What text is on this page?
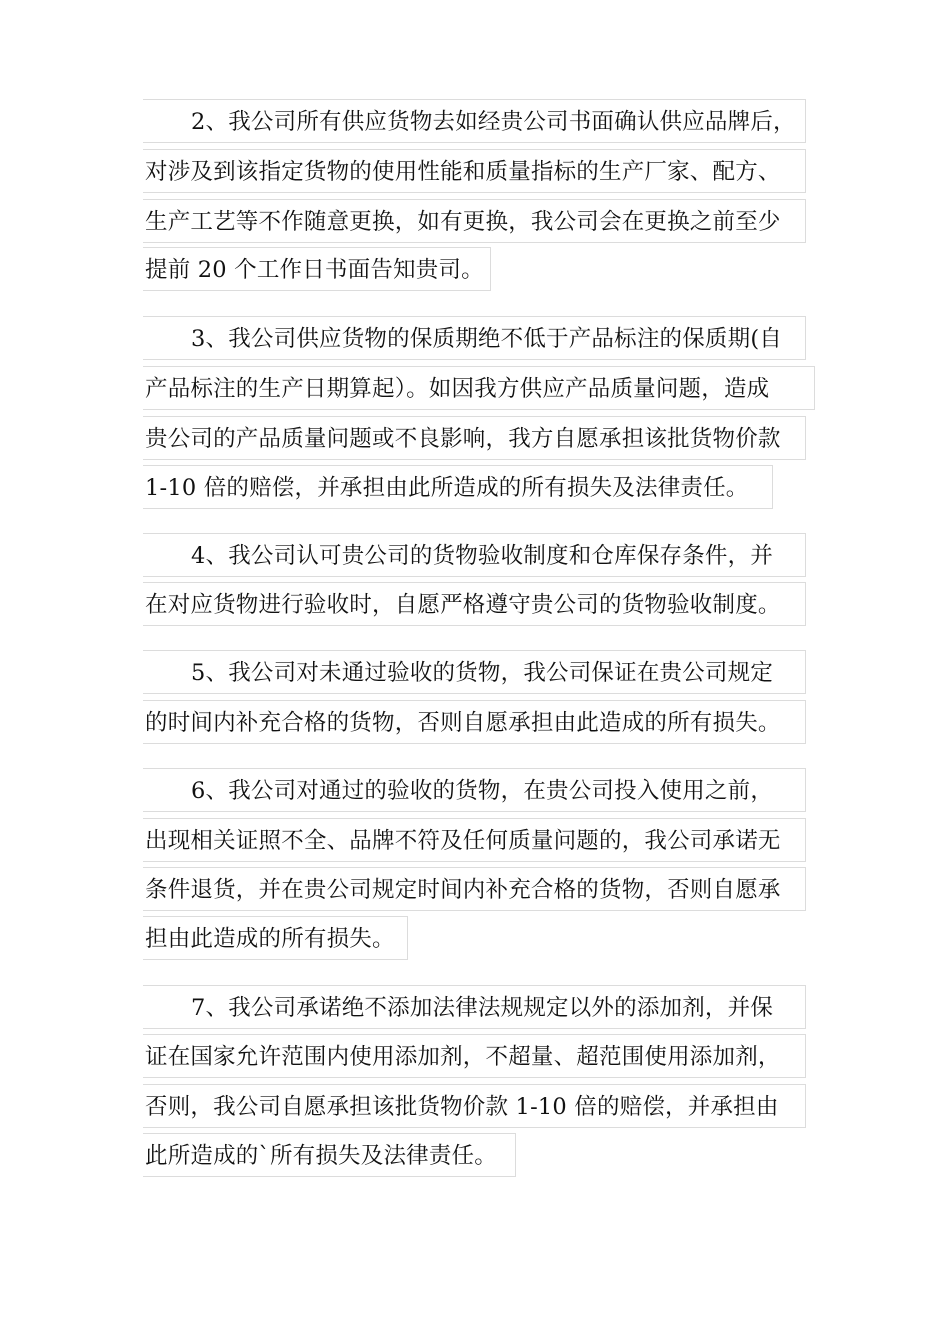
2、我公司所有供应货物去如经贵公司书面确认供应品牌后，
对涉及到该指定货物的使用性能和质量指标的生产厂家、配方、
生产工艺等不作随意更换，如有更换，我公司会在更换之前至少
提前 20 个工作日书面告知贵司。
3、我公司供应货物的保质期绝不低于产品标注的保质期(自
产品标注的生产日期算起）。如因我方供应产品质量问题，造成
贵公司的产品质量问题或不良影响，我方自愿承担该批货物价款
1-10 倍的赔偿，并承担由此所造成的所有损失及法律责任。
4、我公司认可贵公司的货物验收制度和仓库保存条件，并
在对应货物进行验收时，自愿严格遵守贵公司的货物验收制度。
5、我公司对未通过验收的货物，我公司保证在贵公司规定
的时间内补充合格的货物，否则自愿承担由此造成的所有损失。
6、我公司对通过的验收的货物，在贵公司投入使用之前，
出现相关证照不全、品牌不符及任何质量问题的，我公司承诺无
条件退货，并在贵公司规定时间内补充合格的货物，否则自愿承
担由此造成的所有损失。
7、我公司承诺绝不添加法律法规规定以外的添加剂，并保
证在国家允许范围内使用添加剂，不超量、超范围使用添加剂，
否则，我公司自愿承担该批货物价款 1-10 倍的赔偿，并承担由
此所造成的`所有损失及法律责任。
